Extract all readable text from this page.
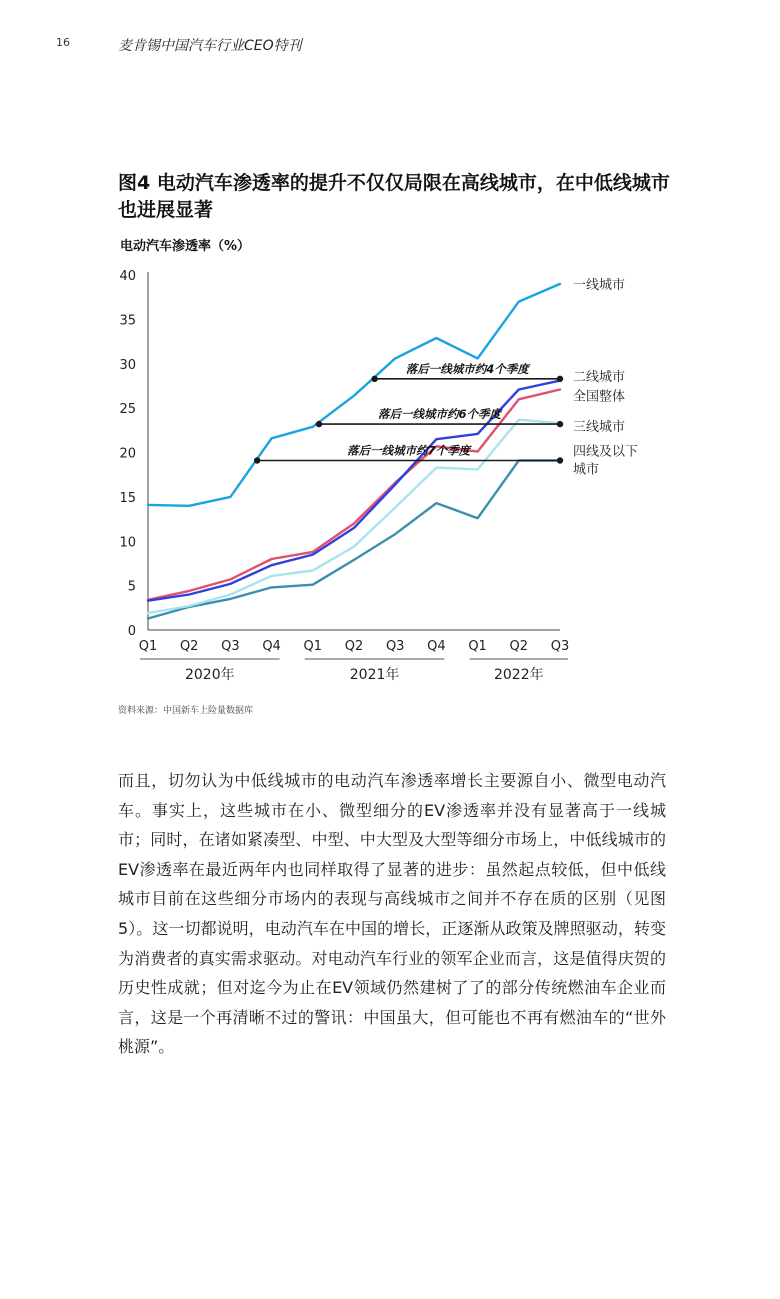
16	麦肯锡中国汽车行业CEO特刊
图4 电动汽车渗透率的提升不仅仅局限在高线城市，在中低线城市也进展显著
电动汽车渗透率（%）
0
5
10
15
20
25
30
35
40
Q1 Q2 Q3 Q4 Q1 Q2 Q3 Q4 Q1 Q2 Q3
2020年	2021年	2022年
落后一线城市约4个季度
落后一线城市约6个季度
落后一线城市约7个季度
一线城市
二线城市
全国整体
三线城市
四线及以下
城市
资料来源：中国新车上险量数据库

而且，切勿认为中低线城市的电动汽车渗透率增长主要源自小、微型电动汽车。事实上，这些城市在小、微型细分的EV渗透率并没有显著高于一线城市；同时，在诸如紧凑型、中型、中大型及大型等细分市场上，中低线城市的EV渗透率在最近两年内也同样取得了显著的进步：虽然起点较低，但中低线城市目前在这些细分市场内的表现与高线城市之间并不存在质的区别（见图5）。这一切都说明，电动汽车在中国的增长，正逐渐从政策及牌照驱动，转变为消费者的真实需求驱动。对电动汽车行业的领军企业而言，这是值得庆贺的历史性成就；但对迄今为止在EV领域仍然建树了了的部分传统燃油车企业而言，这是一个再清晰不过的警讯：中国虽大，但可能也不再有燃油车的“世外桃源”。
